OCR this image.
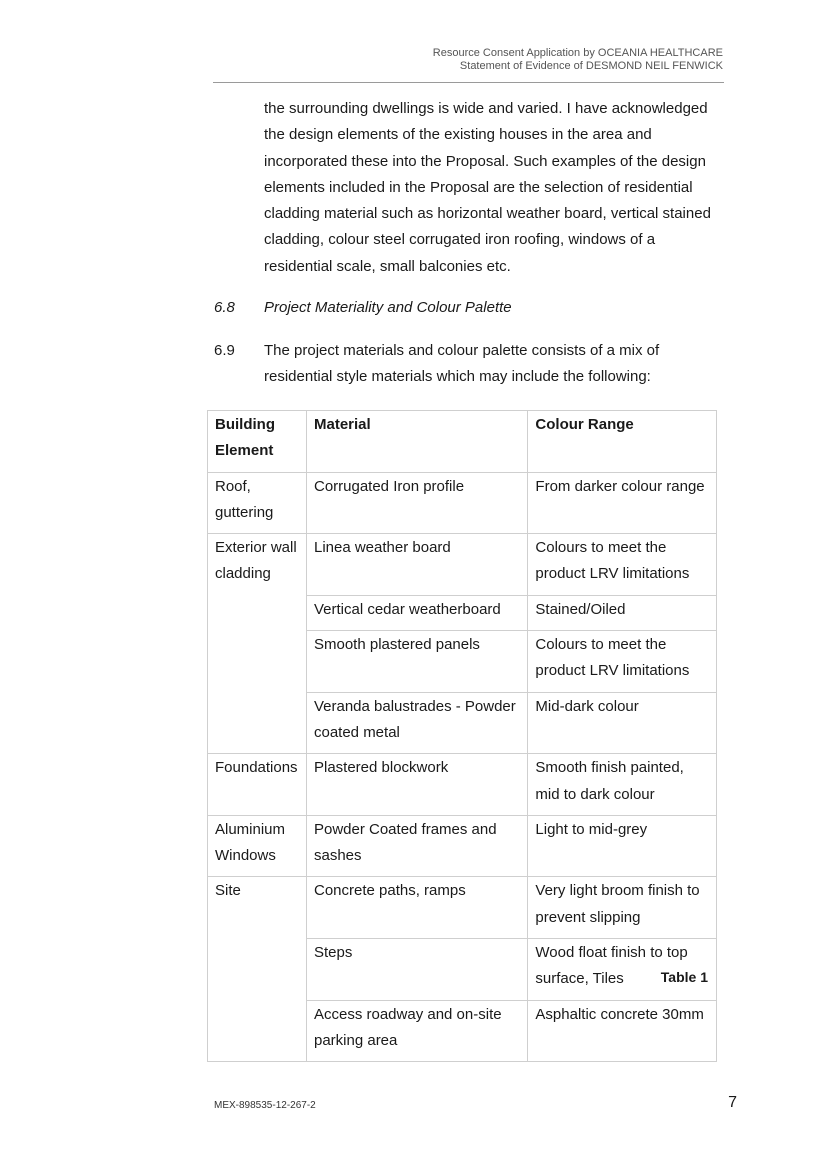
Resource Consent Application by OCEANIA HEALTHCARE
Statement of Evidence of DESMOND NEIL FENWICK
the surrounding dwellings is wide and varied. I have acknowledged the design elements of the existing houses in the area and incorporated these into the Proposal. Such examples of the design elements included in the Proposal are the selection of residential cladding material such as horizontal weather board, vertical stained cladding, colour steel corrugated iron roofing, windows of a residential scale, small balconies etc.
6.8	Project Materiality and Colour Palette
6.9	The project materials and colour palette consists of a mix of residential style materials which may include the following:
Building Element	Material	Colour Range
Roof, guttering	Corrugated Iron profile	From darker colour range
Exterior wall cladding	Linea weather board	Colours to meet the product LRV limitations
	Vertical cedar weatherboard	Stained/Oiled
	Smooth plastered panels	Colours to meet the product LRV limitations
	Veranda balustrades - Powder coated metal	Mid-dark colour
Foundations	Plastered blockwork	Smooth finish painted, mid to dark colour
Aluminium Windows	Powder Coated frames and sashes	Light to mid-grey
Site	Concrete paths, ramps	Very light broom finish to prevent slipping
	Steps	Wood float finish to top surface, Tiles
	Access roadway and on-site parking area	Asphaltic concrete 30mm
Table 1
MEX-898535-12-267-2	7
